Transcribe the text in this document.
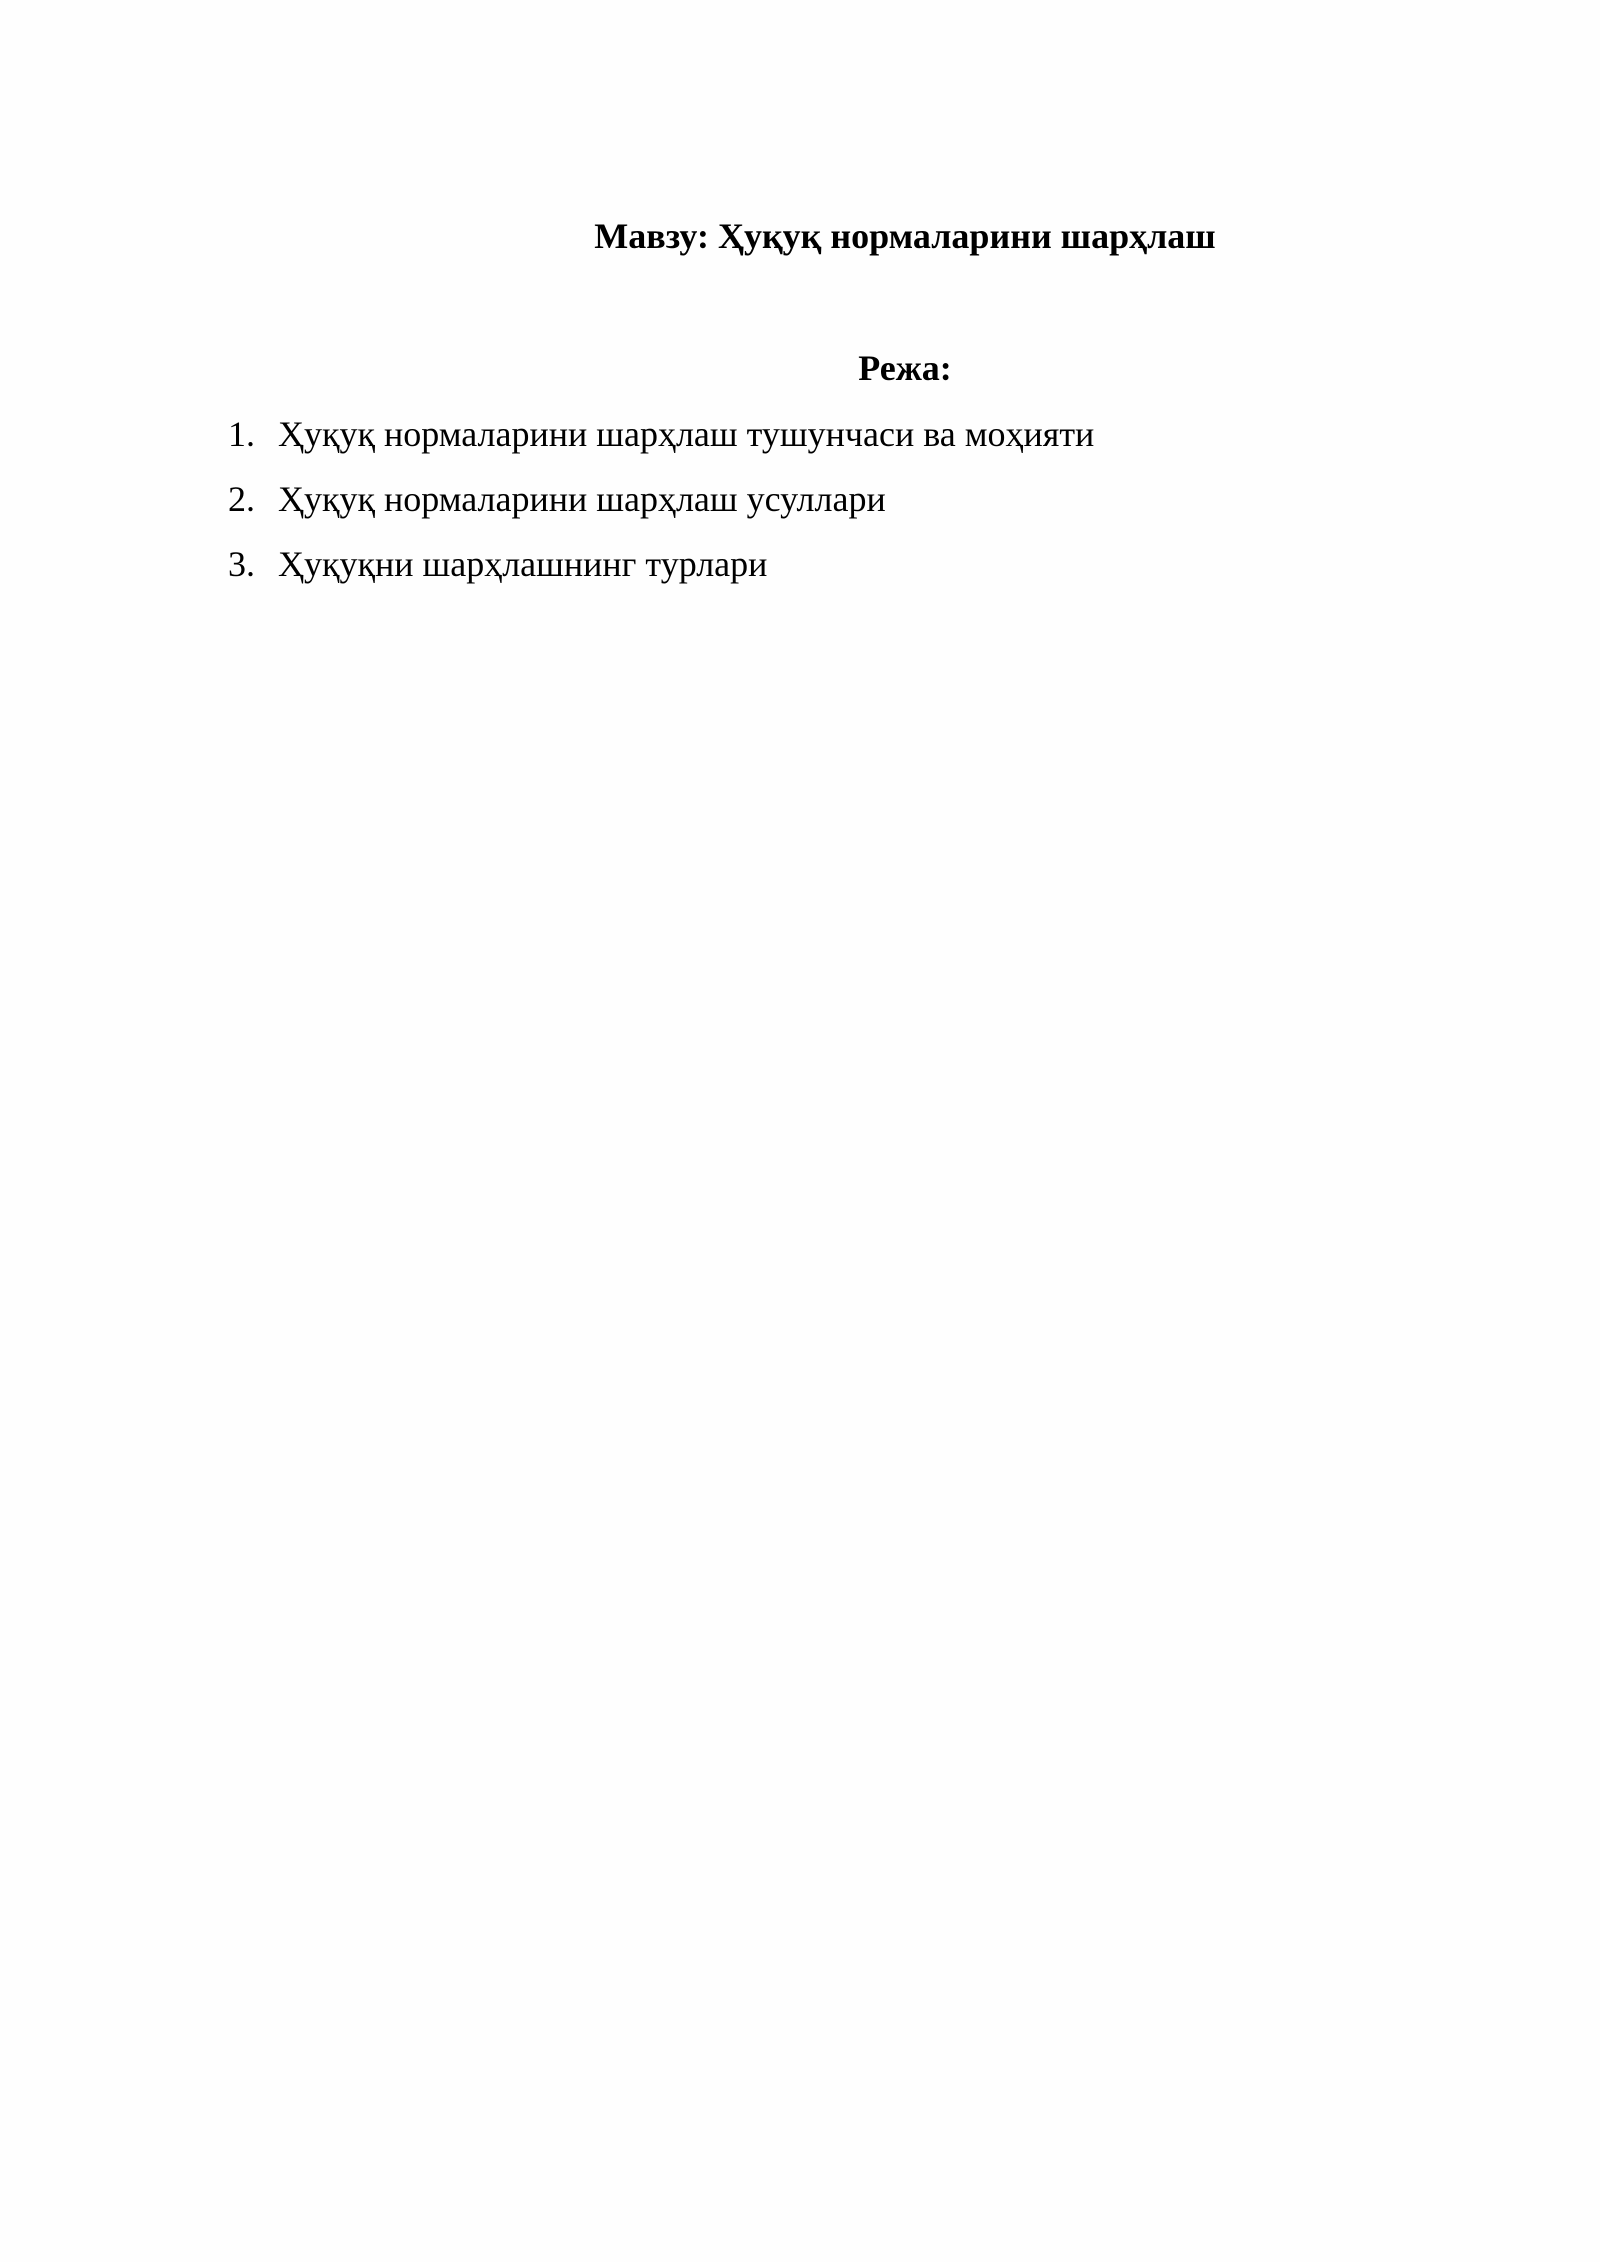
Мавзу: Ҳуқуқ нормаларини шарҳлаш
Режа:
1. Ҳуқуқ нормаларини шарҳлаш тушунчаси ва моҳияти
2. Ҳуқуқ нормаларини шарҳлаш усуллари
3. Ҳуқуқни шарҳлашнинг турлари
